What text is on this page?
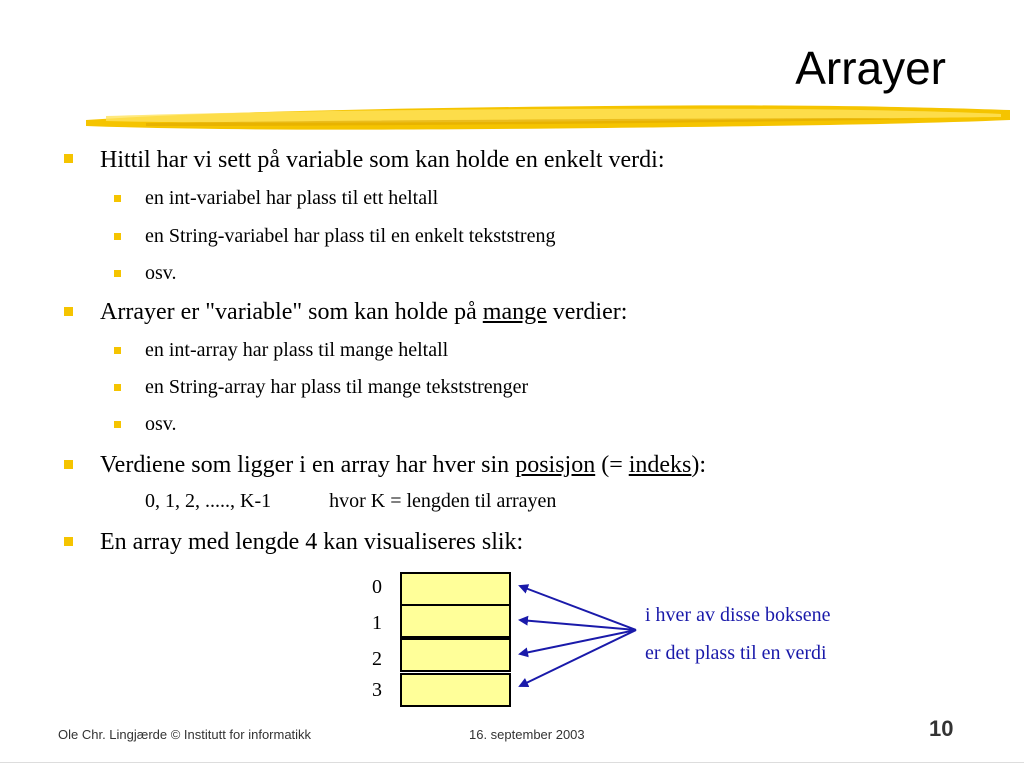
Arrayer
Hittil har vi sett på variable som kan holde en enkelt verdi:
en int-variabel har plass til ett heltall
en String-variabel har plass til en enkelt tekststreng
osv.
Arrayer er "variable" som kan holde på mange verdier:
en int-array har plass til mange heltall
en String-array har plass til mange tekststrenger
osv.
Verdiene som ligger i en array har hver sin posisjon (= indeks):
0, 1, 2, ....., K-1	hvor K = lengden til arrayen
En array med lengde 4 kan visualiseres slik:
0
1
2
3
i hver av disse boksene
er det plass til en verdi
Ole Chr. Lingjærde © Institutt for informatikk	16. september 2003	10
